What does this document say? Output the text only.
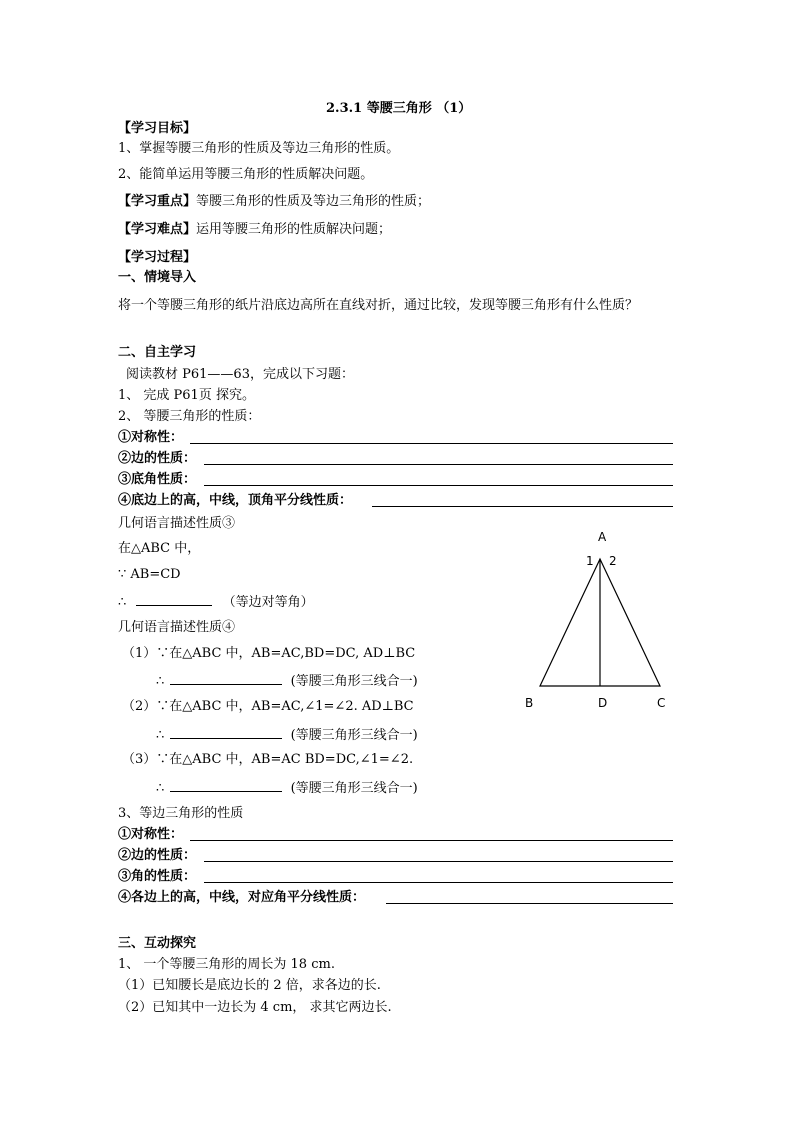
2.3.1 等腰三角形 （1）
【学习目标】
1、掌握等腰三角形的性质及等边三角形的性质。
2、能简单运用等腰三角形的性质解决问题。
【学习重点】等腰三角形的性质及等边三角形的性质；
【学习难点】运用等腰三角形的性质解决问题；
【学习过程】
一、情境导入
将一个等腰三角形的纸片沿底边高所在直线对折，通过比较，发现等腰三角形有什么性质？
二、自主学习
阅读教材 P61——63，完成以下习题：
1、 完成 P61页 探究。
2、 等腰三角形的性质：
①对称性：
②边的性质：
③底角性质：
④底边上的高，中线，顶角平分线性质：
几何语言描述性质③
在△ABC 中，
∵ AB=CD
∴	（等边对等角）
几何语言描述性质④
（1）∵在△ABC 中，AB=AC,BD=DC, AD⊥BC
∴	(等腰三角形三线合一)
（2）∵在△ABC 中，AB=AC,∠1=∠2. AD⊥BC
∴	(等腰三角形三线合一)
（3）∵在△ABC 中，AB=AC BD=DC,∠1=∠2.
∴	(等腰三角形三线合一)
3、等边三角形的性质
①对称性：
②边的性质：
③角的性质：
④各边上的高，中线，对应角平分线性质：
三、互动探究
1、 一个等腰三角形的周长为 18 cm.
（1）已知腰长是底边长的 2 倍，求各边的长.
（2）已知其中一边长为 4 cm， 求其它两边长.
A
1 2
B	D	C
